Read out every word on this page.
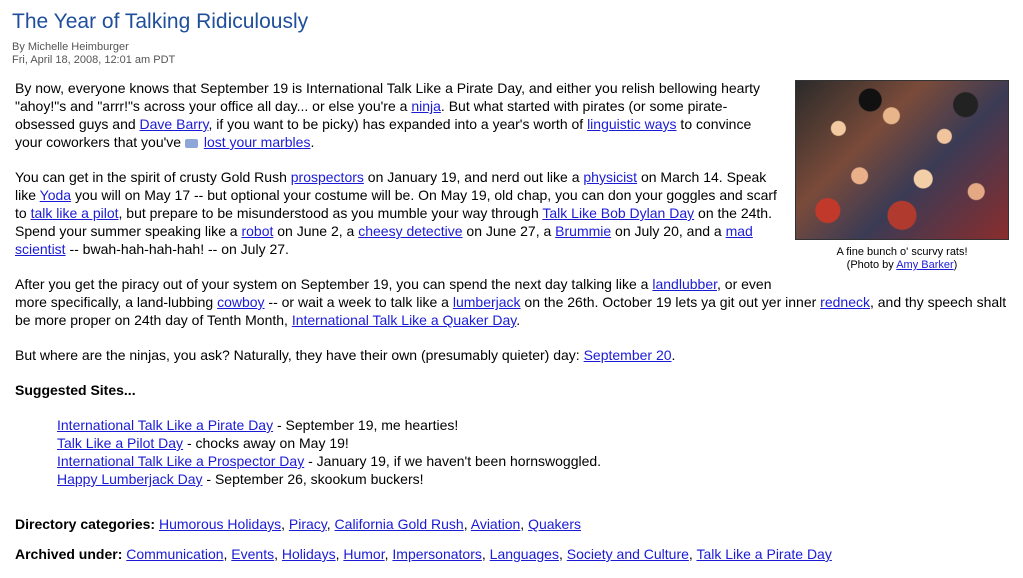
The Year of Talking Ridiculously
By Michelle Heimburger
Fri, April 18, 2008, 12:01 am PDT
A fine bunch o' scurvy rats!
(Photo by Amy Barker)

By now, everyone knows that September 19 is International Talk Like a Pirate Day, and either you relish bellowing hearty "ahoy!"s and "arrr!"s across your office all day... or else you're a ninja. But what started with pirates (or some pirate-obsessed guys and Dave Barry, if you want to be picky) has expanded into a year's worth of linguistic ways to convince your coworkers that you've  lost your marbles.

You can get in the spirit of crusty Gold Rush prospectors on January 19, and nerd out like a physicist on March 14. Speak like Yoda you will on May 17 -- but optional your costume will be. On May 19, old chap, you can don your goggles and scarf to talk like a pilot, but prepare to be misunderstood as you mumble your way through Talk Like Bob Dylan Day on the 24th. Spend your summer speaking like a robot on June 2, a cheesy detective on June 27, a Brummie on July 20, and a mad scientist -- bwah-hah-hah-hah! -- on July 27.

After you get the piracy out of your system on September 19, you can spend the next day talking like a landlubber, or even more specifically, a land-lubbing cowboy -- or wait a week to talk like a lumberjack on the 26th. October 19 lets ya git out yer inner redneck, and thy speech shalt be more proper on 24th day of Tenth Month, International Talk Like a Quaker Day.

But where are the ninjas, you ask? Naturally, they have their own (presumably quieter) day: September 20.

Suggested Sites...
International Talk Like a Pirate Day - September 19, me hearties!
Talk Like a Pilot Day - chocks away on May 19!
International Talk Like a Prospector Day - January 19, if we haven't been hornswoggled.
Happy Lumberjack Day - September 26, skookum buckers!
Directory categories: Humorous Holidays, Piracy, California Gold Rush, Aviation, Quakers
Archived under: Communication, Events, Holidays, Humor, Impersonators, Languages, Society and Culture, Talk Like a Pirate Day
